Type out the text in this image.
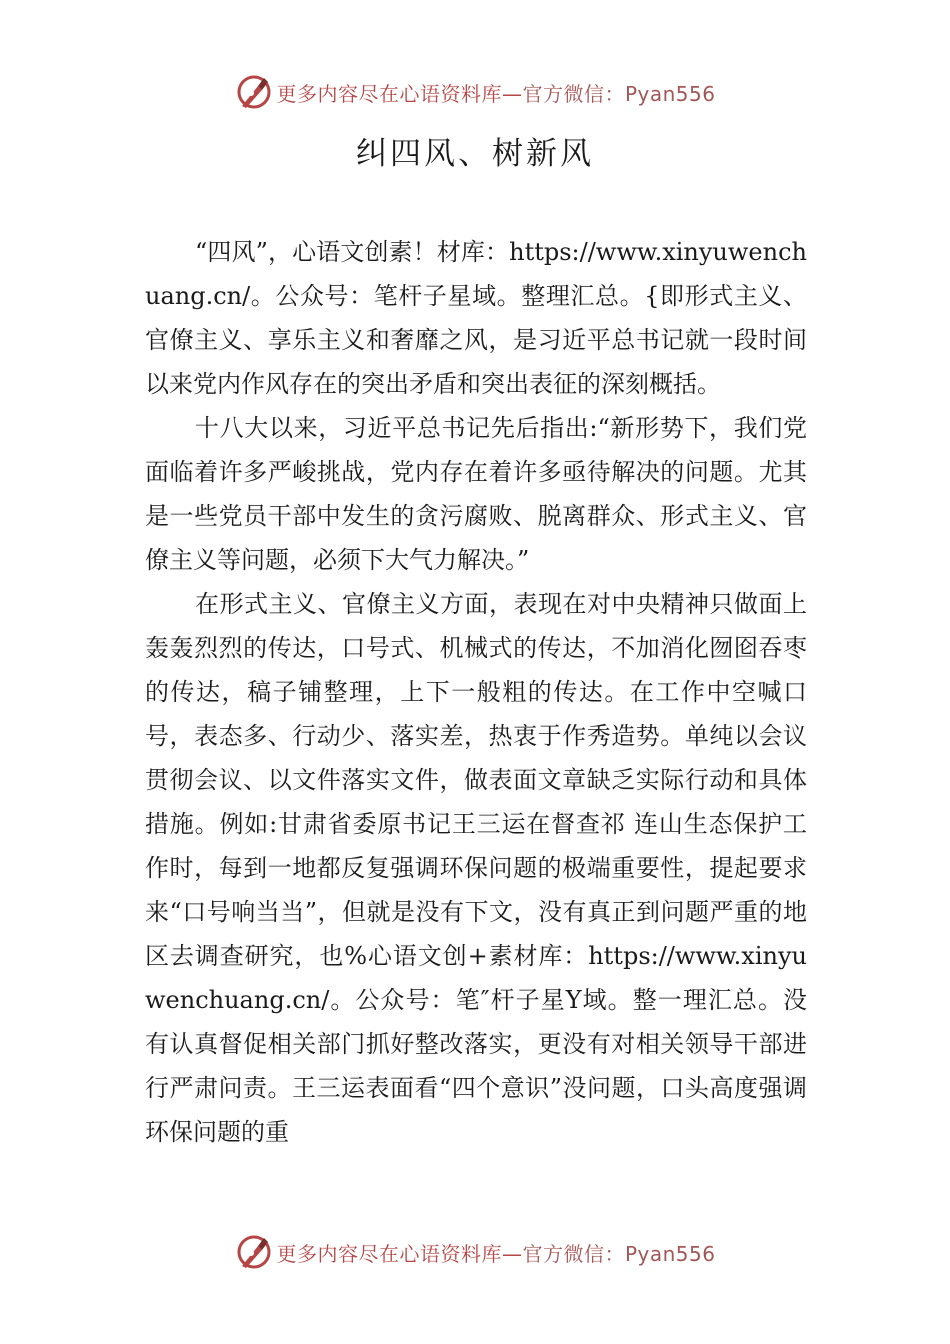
更多内容尽在心语资料库—官方微信：Pyan556
纠四风、树新风

“四风”，心语文创素！材库：https://www.xinyuwenchuang.cn/。公众号：笔杆子星域。整理汇总。{即形式主义、官僚主义、享乐主义和奢靡之风，是习近平总书记就一段时间以来党内作风存在的突出矛盾和突出表征的深刻概括。

十八大以来，习近平总书记先后指出:“新形势下，我们党面临着许多严峻挑战，党内存在着许多亟待解决的问题。尤其是一些党员干部中发生的贪污腐败、脱离群众、形式主义、官僚主义等问题，必须下大气力解决。”

在形式主义、官僚主义方面，表现在对中央精神只做面上轰轰烈烈的传达，口号式、机械式的传达，不加消化囫囵吞枣的传达，稿子铺整理，上下一般粗的传达。在工作中空喊口号，表态多、行动少、落实差，热衷于作秀造势。单纯以会议贯彻会议、以文件落实文件，做表面文章缺乏实际行动和具体措施。例如:甘肃省委原书记王三运在督查祁 连山生态保护工作时，每到一地都反复强调环保问题的极端重要性，提起要求来“口号响当当”，但就是没有下文，没有真正到问题严重的地区去调查研究，也%心语文创+素材库：https://www.xinyuwenchuang.cn/。公众号：笔″杆子星Y域。整一理汇总。没有认真督促相关部门抓好整改落实，更没有对相关领导干部进行严肃问责。王三运表面看“四个意识”没问题，口头高度强调环保问题的重

更多内容尽在心语资料库—官方微信：Pyan556
